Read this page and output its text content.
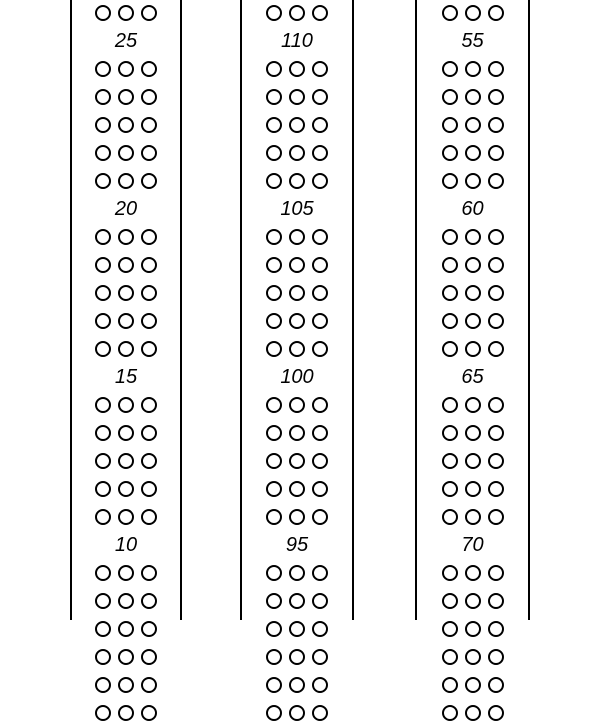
25
20
15
10
110
105
100
95
55
60
65
70
